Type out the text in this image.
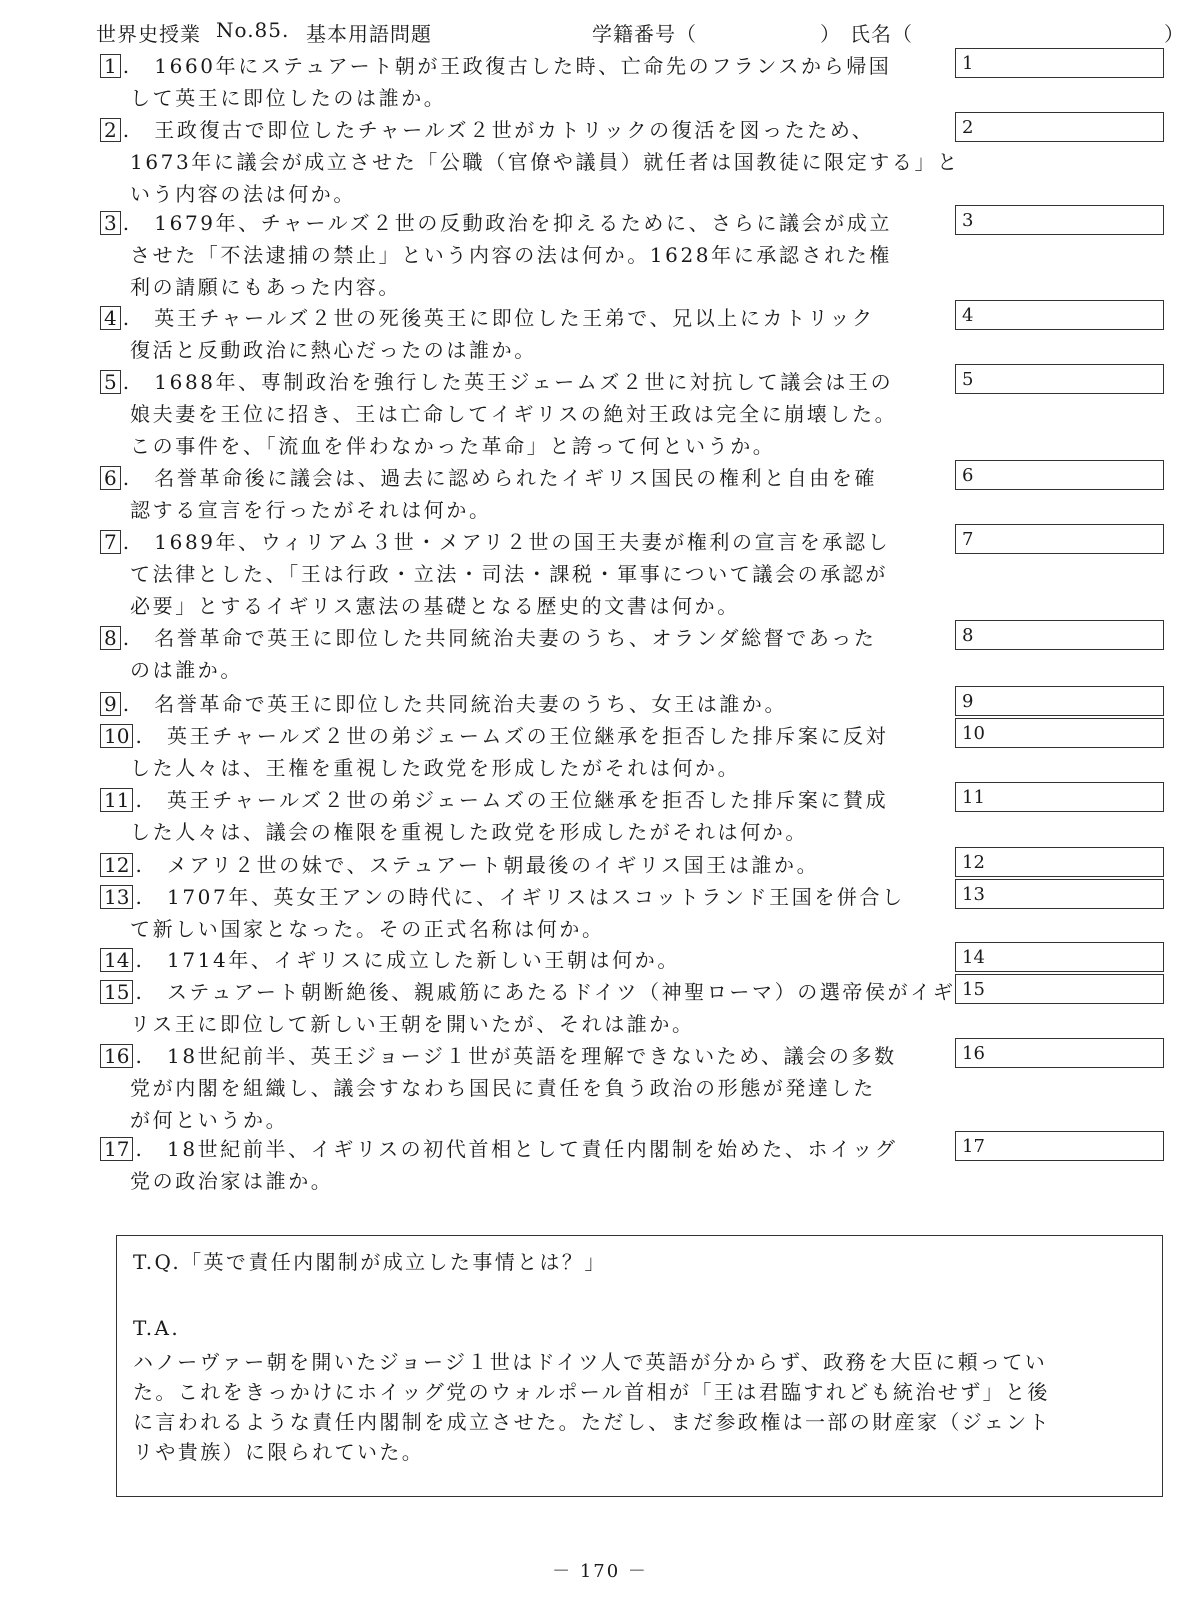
世界史授業 No.85. 基本用語問題	学籍番号（	） 氏名（	）
1 .　1660年にステュアート朝が王政復古した時、亡命先のフランスから帰国
して英王に即位したのは誰か。
1
2 .　王政復古で即位したチャールズ２世がカトリックの復活を図ったため、
1673年に議会が成立させた「公職（官僚や議員）就任者は国教徒に限定する」と
いう内容の法は何か。
2
3 .　1679年、チャールズ２世の反動政治を抑えるために、さらに議会が成立
させた「不法逮捕の禁止」という内容の法は何か。1628年に承認された権
利の請願にもあった内容。
3
4 .　英王チャールズ２世の死後英王に即位した王弟で、兄以上にカトリック
復活と反動政治に熱心だったのは誰か。
4
5 .　1688年、専制政治を強行した英王ジェームズ２世に対抗して議会は王の
娘夫妻を王位に招き、王は亡命してイギリスの絶対王政は完全に崩壊した。
この事件を、「流血を伴わなかった革命」と誇って何というか。
5
6 .　名誉革命後に議会は、過去に認められたイギリス国民の権利と自由を確
認する宣言を行ったがそれは何か。
6
7 .　1689年、ウィリアム３世・メアリ２世の国王夫妻が権利の宣言を承認し
て法律とした、「王は行政・立法・司法・課税・軍事について議会の承認が
必要」とするイギリス憲法の基礎となる歴史的文書は何か。
7
8 .　名誉革命で英王に即位した共同統治夫妻のうち、オランダ総督であった
のは誰か。
8
9 .　名誉革命で英王に即位した共同統治夫妻のうち、女王は誰か。	9
10 .　英王チャールズ２世の弟ジェームズの王位継承を拒否した排斥案に反対
した人々は、王権を重視した政党を形成したがそれは何か。
10
11 .　英王チャールズ２世の弟ジェームズの王位継承を拒否した排斥案に賛成
した人々は、議会の権限を重視した政党を形成したがそれは何か。
11
12 .　メアリ２世の妹で、ステュアート朝最後のイギリス国王は誰か。	12
13 .　1707年、英女王アンの時代に、イギリスはスコットランド王国を併合し
て新しい国家となった。その正式名称は何か。
13
14 .　1714年、イギリスに成立した新しい王朝は何か。	14
15 .　ステュアート朝断絶後、親戚筋にあたるドイツ（神聖ローマ）の選帝侯がイギ
リス王に即位して新しい王朝を開いたが、それは誰か。
15
16 .　18世紀前半、英王ジョージ１世が英語を理解できないため、議会の多数
党が内閣を組織し、議会すなわち国民に責任を負う政治の形態が発達した
が何というか。
16
17 .　18世紀前半、イギリスの初代首相として責任内閣制を始めた、ホイッグ
党の政治家は誰か。
17
T.Q.「英で責任内閣制が成立した事情とは？」
T.A.
ハノーヴァー朝を開いたジョージ１世はドイツ人で英語が分からず、政務を大臣に頼ってい
た。これをきっかけにホイッグ党のウォルポール首相が「王は君臨すれども統治せず」と後
に言われるような責任内閣制を成立させた。ただし、まだ参政権は一部の財産家（ジェント
リや貴族）に限られていた。
－ 170 －
